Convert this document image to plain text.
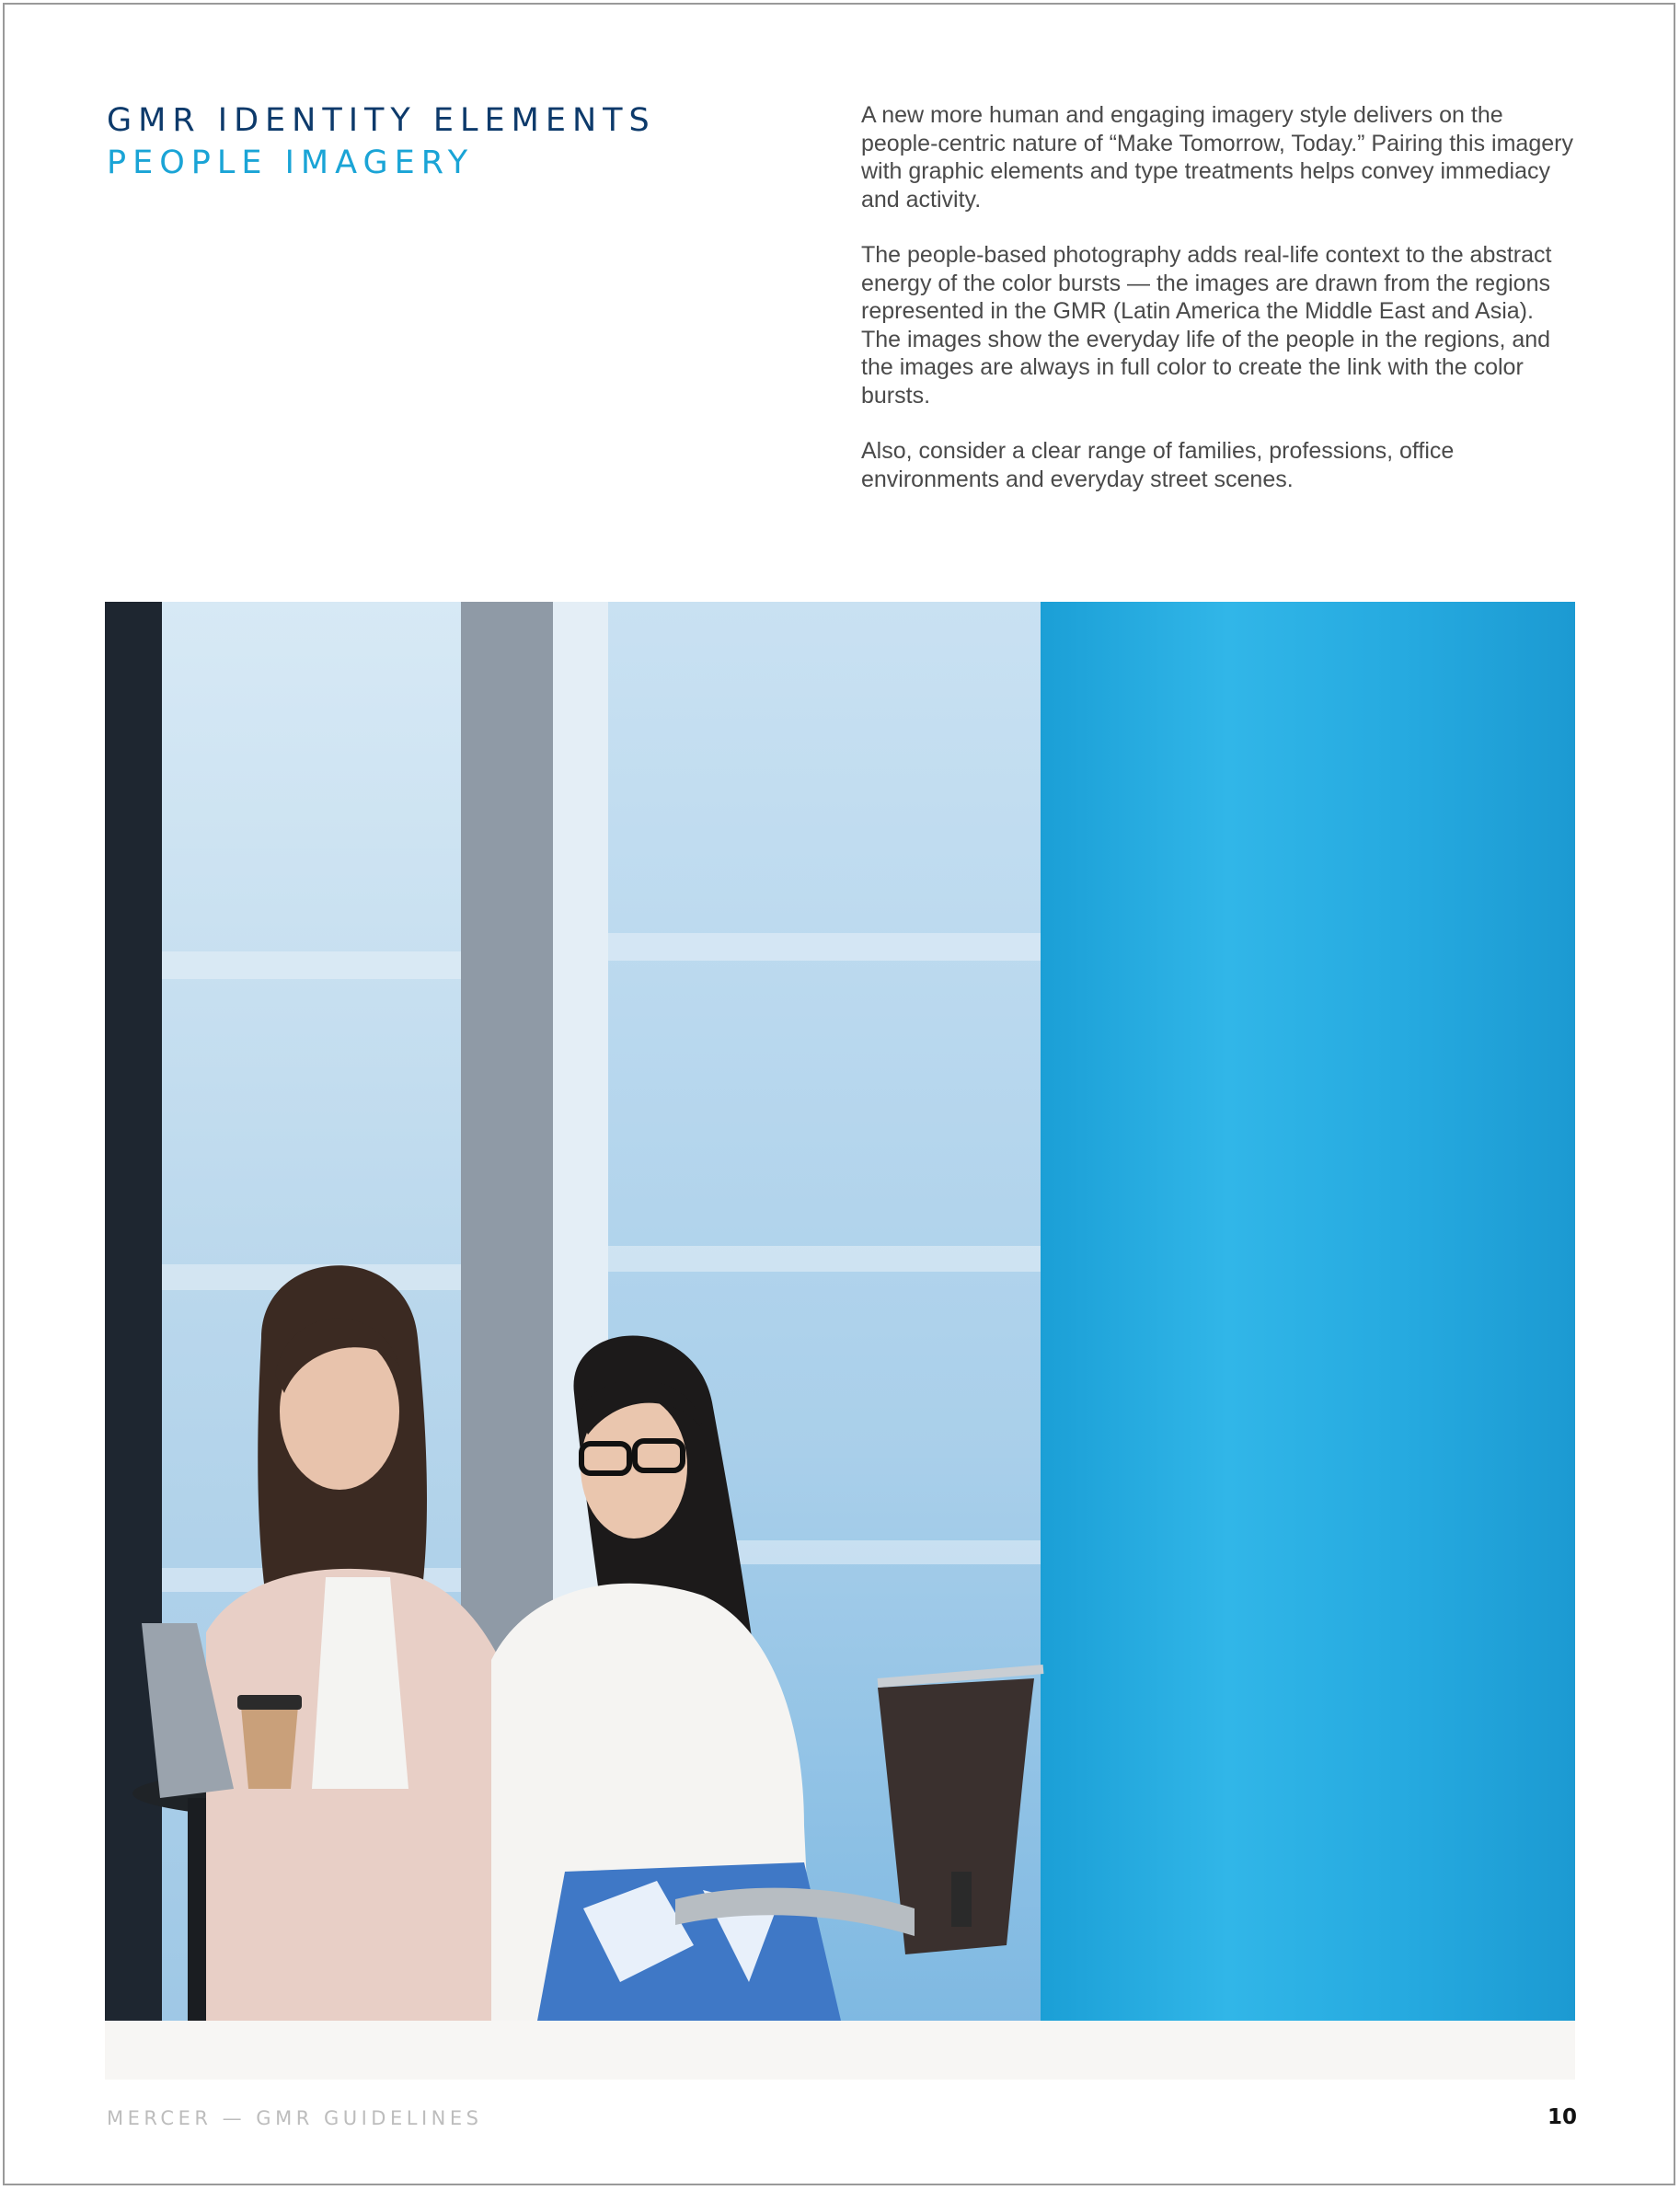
GMR IDENTITY ELEMENTS
PEOPLE IMAGERY

A new more human and engaging imagery style delivers on the people-centric nature of “Make Tomorrow, Today.” Pairing this imagery with graphic elements and type treatments helps convey immediacy and activity.

The people-based photography adds real-life context to the abstract energy of the color bursts — the images are drawn from the regions represented in the GMR (Latin America the Middle East and Asia). The images show the everyday life of the people in the regions, and the images are always in full color to create the link with the color bursts.

Also, consider a clear range of families, professions, office environments and everyday street scenes.

MERCER — GMR GUIDELINES	10
